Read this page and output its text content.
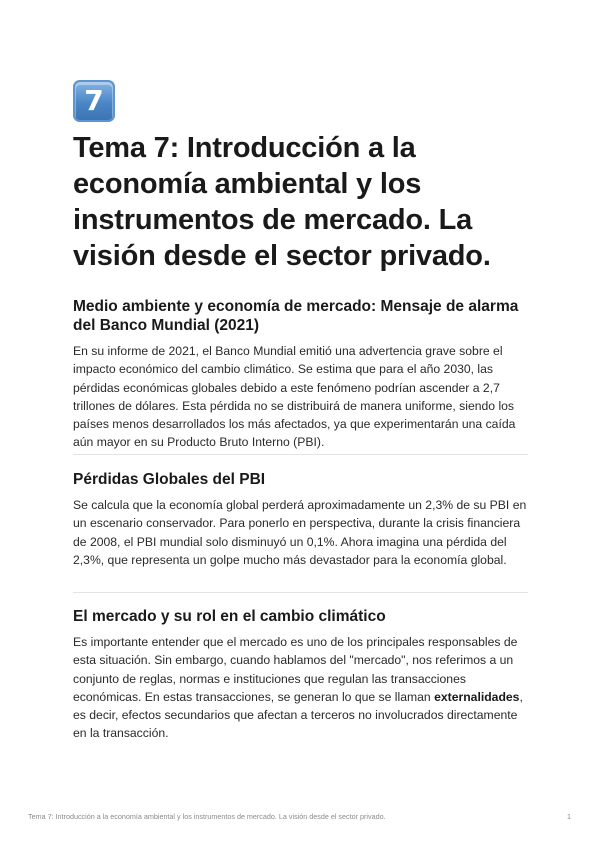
7
Tema 7: Introducción a la economía ambiental y los instrumentos de mercado. La visión desde el sector privado.
Medio ambiente y economía de mercado: Mensaje de alarma del Banco Mundial (2021)

En su informe de 2021, el Banco Mundial emitió una advertencia grave sobre el impacto económico del cambio climático. Se estima que para el año 2030, las pérdidas económicas globales debido a este fenómeno podrían ascender a 2,7 trillones de dólares. Esta pérdida no se distribuirá de manera uniforme, siendo los países menos desarrollados los más afectados, ya que experimentarán una caída aún mayor en su Producto Bruto Interno (PBI).

Pérdidas Globales del PBI

Se calcula que la economía global perderá aproximadamente un 2,3% de su PBI en un escenario conservador. Para ponerlo en perspectiva, durante la crisis financiera de 2008, el PBI mundial solo disminuyó un 0,1%. Ahora imagina una pérdida del 2,3%, que representa un golpe mucho más devastador para la economía global.

El mercado y su rol en el cambio climático

Es importante entender que el mercado es uno de los principales responsables de esta situación. Sin embargo, cuando hablamos del "mercado", nos referimos a un conjunto de reglas, normas e instituciones que regulan las transacciones económicas. En estas transacciones, se generan lo que se llaman externalidades, es decir, efectos secundarios que afectan a terceros no involucrados directamente en la transacción.

Tema 7: Introducción a la economía ambiental y los instrumentos de mercado. La visión desde el sector privado.	1
